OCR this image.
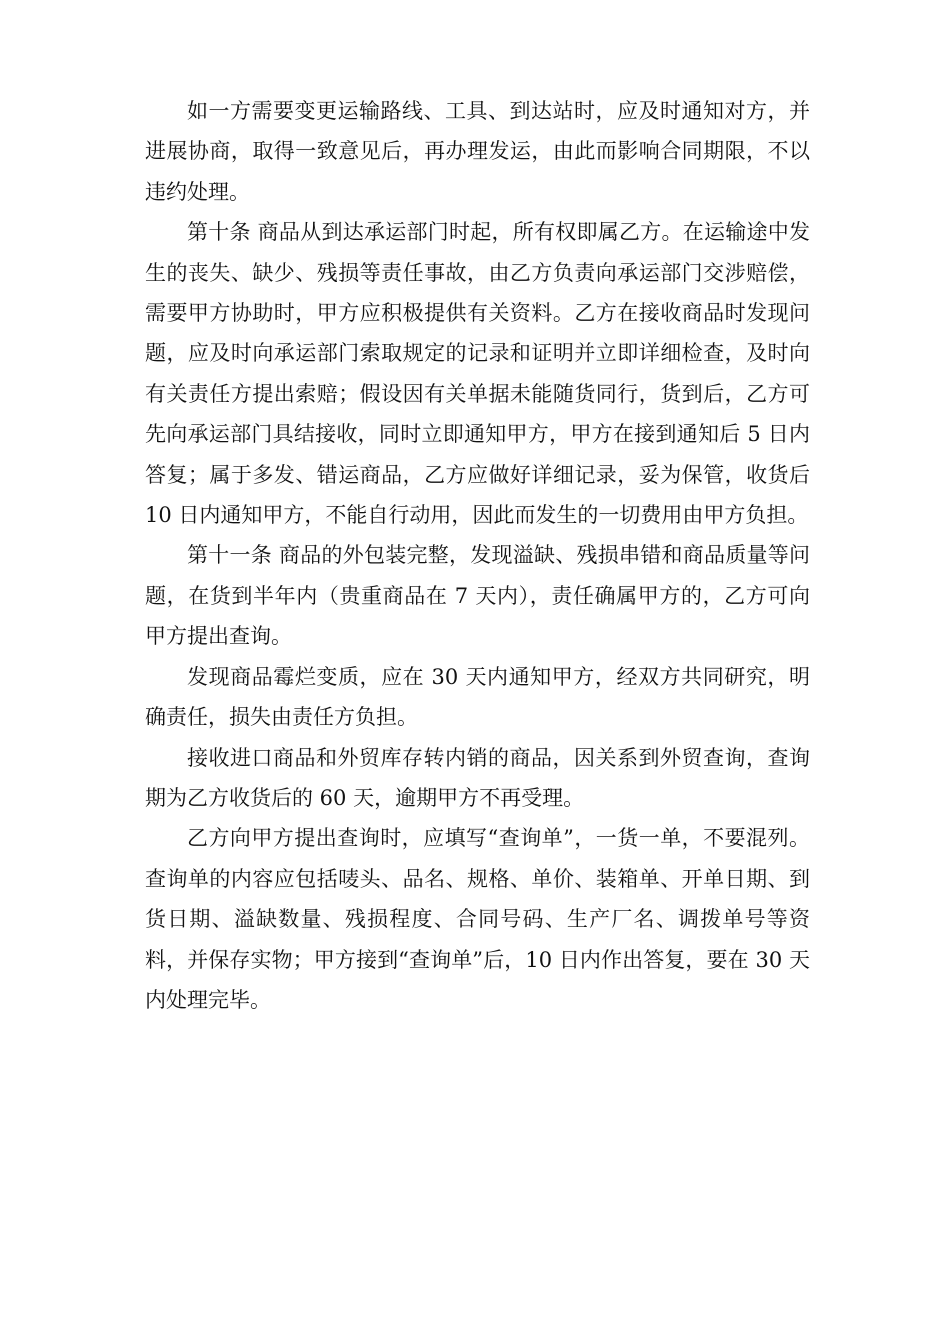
如一方需要变更运输路线、工具、到达站时，应及时通知对方，并进展协商，取得一致意见后，再办理发运，由此而影响合同期限，不以违约处理。

第十条 商品从到达承运部门时起，所有权即属乙方。在运输途中发生的丧失、缺少、残损等责任事故，由乙方负责向承运部门交涉赔偿，需要甲方协助时，甲方应积极提供有关资料。乙方在接收商品时发现问题，应及时向承运部门索取规定的记录和证明并立即详细检查，及时向有关责任方提出索赔；假设因有关单据未能随货同行，货到后，乙方可先向承运部门具结接收，同时立即通知甲方，甲方在接到通知后 5 日内答复；属于多发、错运商品，乙方应做好详细记录，妥为保管，收货后 10 日内通知甲方，不能自行动用，因此而发生的一切费用由甲方负担。

第十一条 商品的外包装完整，发现溢缺、残损串错和商品质量等问题，在货到半年内（贵重商品在 7 天内），责任确属甲方的，乙方可向甲方提出查询。

发现商品霉烂变质，应在 30 天内通知甲方，经双方共同研究，明确责任，损失由责任方负担。

接收进口商品和外贸库存转内销的商品，因关系到外贸查询，查询期为乙方收货后的 60 天，逾期甲方不再受理。

乙方向甲方提出查询时，应填写“查询单”，一货一单，不要混列。查询单的内容应包括唛头、品名、规格、单价、装箱单、开单日期、到货日期、溢缺数量、残损程度、合同号码、生产厂名、调拨单号等资料，并保存实物；甲方接到“查询单”后，10 日内作出答复，要在 30 天内处理完毕。
